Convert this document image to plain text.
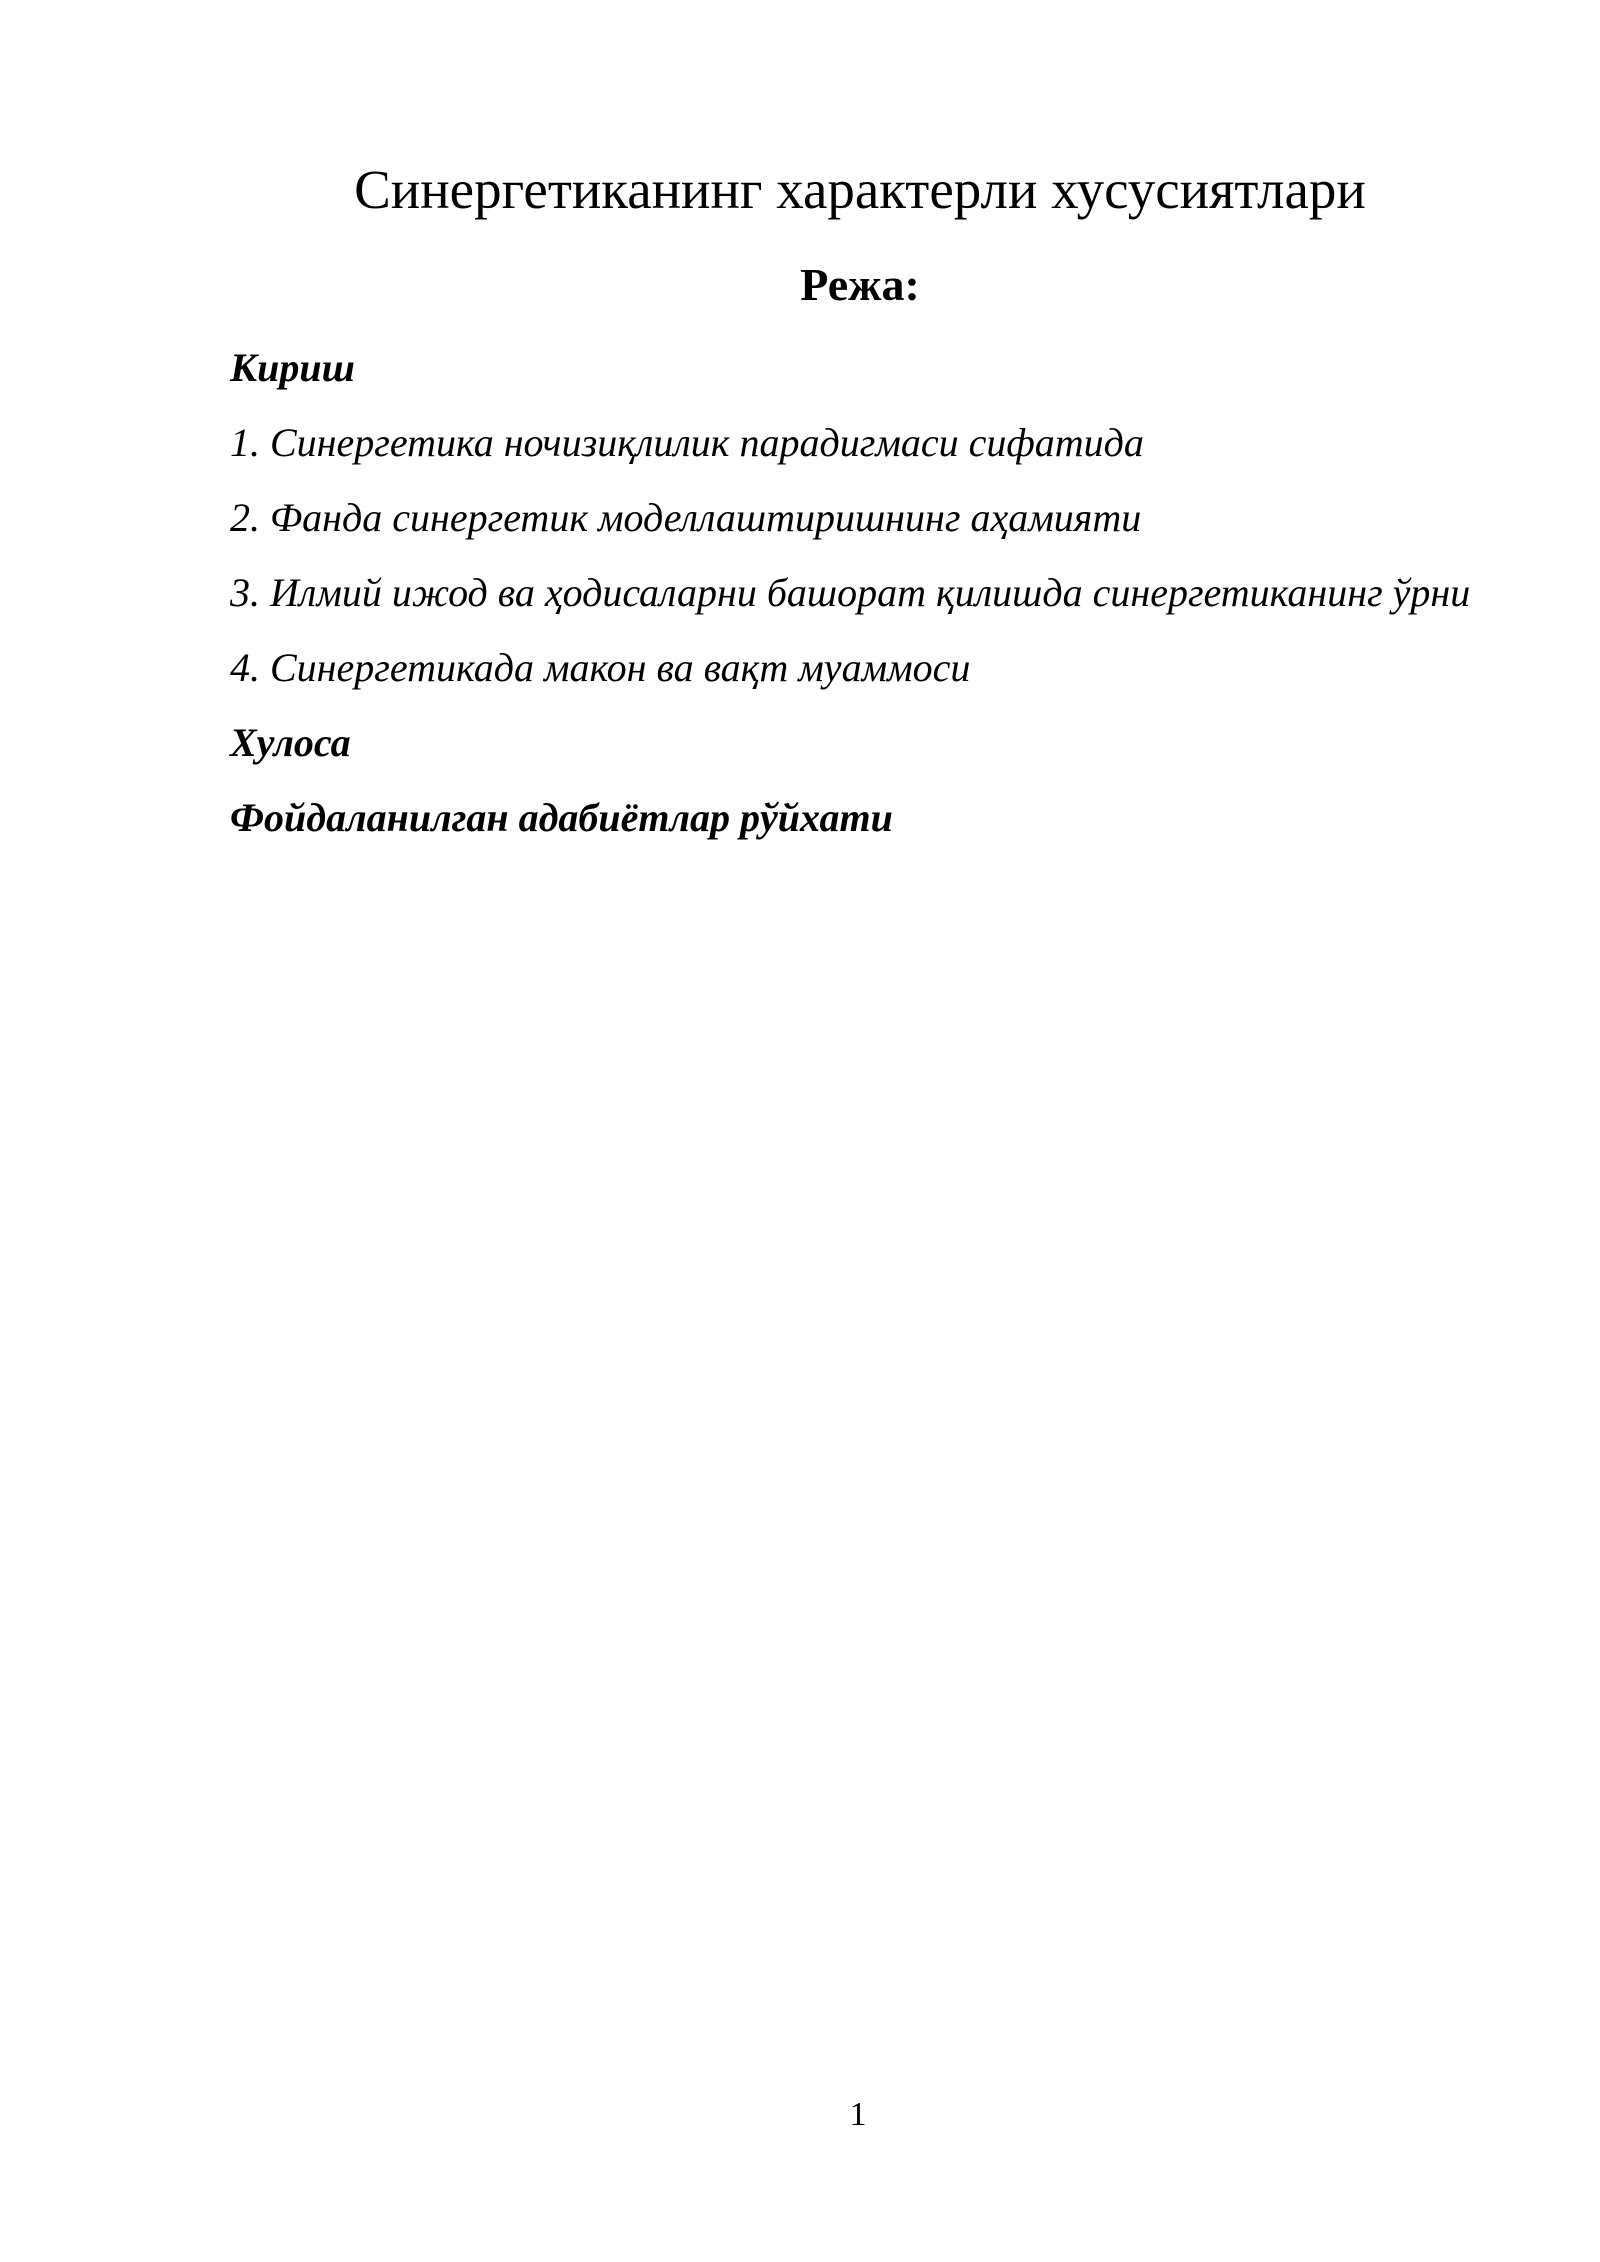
Синергетиканинг характерли хусусиятлари
Режа:
Кириш
1. Синергетика ночизиқлилик парадигмаси сифатида
2. Фанда синергетик моделлаштиришнинг аҳамияти
3. Илмий ижод ва ҳодисаларни башорат қилишда синергетиканинг ўрни
4. Синергетикада макон ва вақт муаммоси
Хулоса
Фойдаланилган адабиётлар рўйхати
1
